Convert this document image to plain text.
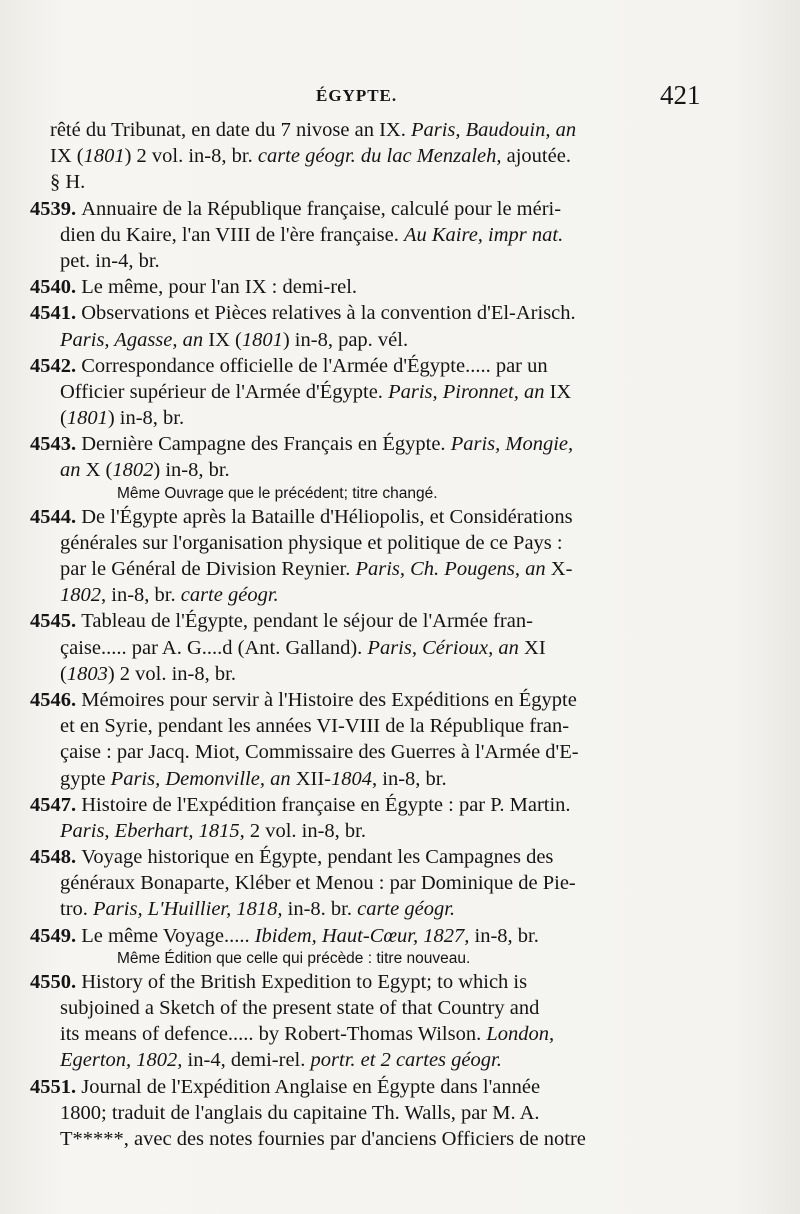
ÉGYPTE.	421
rêté du Tribunat, en date du 7 nivose an IX. Paris, Baudouin, an
IX (1801) 2 vol. in-8, br. carte géogr. du lac Menzaleh, ajoutée.
§ H.
4539. Annuaire de la République française, calculé pour le méri-
dien du Kaire, l'an VIII de l'ère française. Au Kaire, impr nat.
pet. in-4, br.
4540. Le même, pour l'an IX : demi-rel.
4541. Observations et Pièces relatives à la convention d'El-Arisch.
Paris, Agasse, an IX (1801) in-8, pap. vél.
4542. Correspondance officielle de l'Armée d'Égypte..... par un
Officier supérieur de l'Armée d'Égypte. Paris, Pironnet, an IX
(1801) in-8, br.
4543. Dernière Campagne des Français en Égypte. Paris, Mongie,
an X (1802) in-8, br.
Même Ouvrage que le précédent; titre changé.
4544. De l'Égypte après la Bataille d'Héliopolis, et Considérations
générales sur l'organisation physique et politique de ce Pays :
par le Général de Division Reynier. Paris, Ch. Pougens, an X-
1802, in-8, br. carte géogr.
4545. Tableau de l'Égypte, pendant le séjour de l'Armée fran-
çaise..... par A. G....d (Ant. Galland). Paris, Cérioux, an XI
(1803) 2 vol. in-8, br.
4546. Mémoires pour servir à l'Histoire des Expéditions en Égypte
et en Syrie, pendant les années VI-VIII de la République fran-
çaise : par Jacq. Miot, Commissaire des Guerres à l'Armée d'E-
gypte Paris, Demonville, an XII-1804, in-8, br.
4547. Histoire de l'Expédition française en Égypte : par P. Martin.
Paris, Eberhart, 1815, 2 vol. in-8, br.
4548. Voyage historique en Égypte, pendant les Campagnes des
généraux Bonaparte, Kléber et Menou : par Dominique de Pie-
tro. Paris, L'Huillier, 1818, in-8. br. carte géogr.
4549. Le même Voyage..... Ibidem, Haut-Cœur, 1827, in-8, br.
Même Édition que celle qui précède : titre nouveau.
4550. History of the British Expedition to Egypt; to which is
subjoined a Sketch of the present state of that Country and
its means of defence..... by Robert-Thomas Wilson. London,
Egerton, 1802, in-4, demi-rel. portr. et 2 cartes géogr.
4551. Journal de l'Expédition Anglaise en Égypte dans l'année
1800; traduit de l'anglais du capitaine Th. Walls, par M. A.
T*****, avec des notes fournies par d'anciens Officiers de notre
